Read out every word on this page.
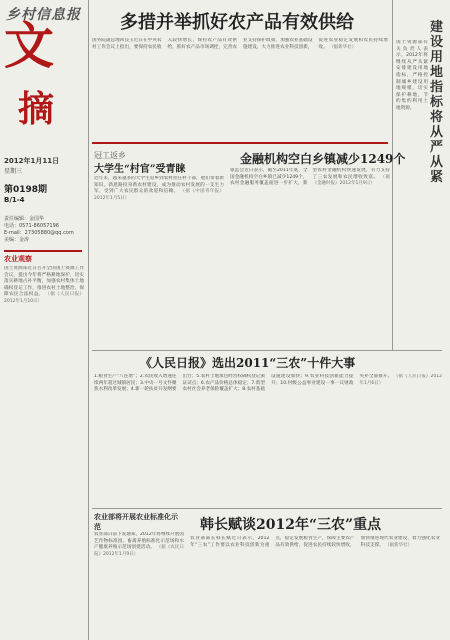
乡村信息报
文
摘
2012年1月11日
星期三
第0198期
B/1-4
责任编辑：金国华
电话：0571-86057196
E-mail：27305880@qq.com
美编：金涛
农业观察
国土资源部近日召开全国国土资源工作会议，提出今年将严格耕地保护，切实落实耕地占补平衡，加强农村集体土地确权登记工作，推进农村土地整治，保障农民合法权益。 （据《人民日报》2012年1月10日）
多措并举抓好农产品有效供给
国务院副总理回良玉近日在中央农村工作会议上指出，要保持农民收入较快增长，保持农产品有效供给，抓好农产品市场调控，完善农业支持保护政策，加强农业基础设施建设，大力推进农业科技创新，促进农业稳定发展和农民持续增收。 （据新华社）
建设用地指标将从严从紧
国土资源部有关负责人表示，2012年将继续从严从紧安排建设用地指标，严格控制城乡建设用地规模，切实保护耕地，节约集约利用土地资源。
冠工返乡
大学生“村官”受青睐
近年来，越来越多的大学生返乡到农村担任村干部，他们带着新知识、新思路投身新农村建设，成为推动农村发展的一支生力军，受到广大农民群众的欢迎和信赖。 （据《中国青年报》2012年1月5日）
金融机构空白乡镇减少1249个
银监会近日表示，截至2011年底，全国金融机构空白乡镇已减少1249个，农村金融服务覆盖面进一步扩大，新型农村金融机构快速发展，有力支持了三农发展和农民增收致富。 （据《金融时报》2012年1月9日）
《人民日报》选出2011“三农”十件大事
1.粮食生产“八连增”；2.农民收入增速连续两年超过城镇居民；3.中央一号文件聚焦水利改革发展；4.新一轮扶贫开发纲要出台；5.农村土地承包经营权确权登记颁证试点；6.农产品价格总体稳定；7.新型农村社会养老保险覆盖扩大；8.农村基础设施建设加快；9.农业科技创新能力提升；10.村级公益事业建设一事一议财政奖补全面推开。 （据《人民日报》2012年1月6日）
农业部将开展农业标准化示范
农业部日前下发通知，2012年将继续开展园艺作物标准园、畜禽养殖标准化示范场和水产健康养殖示范场创建活动。 （据《农民日报》2012年1月9日）
韩长赋谈2012年“三农”重点
农业部部长韩长赋近日表示，2012年“三农”工作要以农业科技创新为重点，稳定发展粮食生产，保障主要农产品有效供给，促进农民持续较快增收，加快推进现代农业建设，着力强化农业科技支撑。 （据新华社）
